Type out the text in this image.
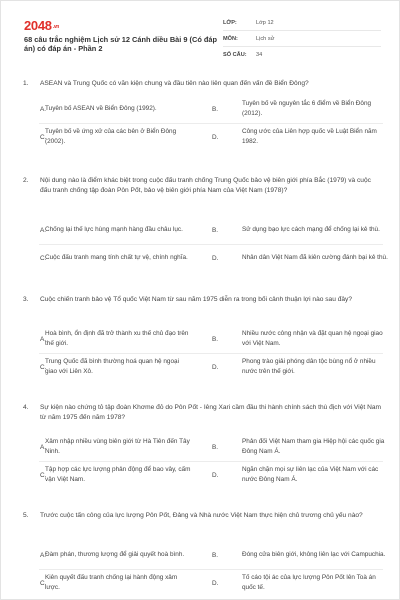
2048.vn
68 câu trắc nghiệm Lịch sử 12 Cánh diều Bài 9 (Có đáp án) có đáp án - Phần 2
LỚP:	Lớp 12
MÔN:	Lịch sử
SỐ CÂU:	34
1.	ASEAN và Trung Quốc có văn kiện chung và đầu tiên nào liên quan đến vấn đề Biển Đông?
A.
Tuyên bố ASEAN về Biển Đông (1992).	B.
Tuyên bố về nguyên tắc 6 điểm về Biển Đông (2012).
C.
Tuyên bố về ứng xử của các bên ở Biển Đông (2002).
D.
Công ước của Liên hợp quốc về Luật Biển năm 1982.
2.	Nội dung nào là điểm khác biệt trong cuộc đấu tranh chống Trung Quốc bảo vệ biên giới phía Bắc (1979) và cuộc đấu tranh chống tập đoàn Pôn Pốt, bảo vệ biên giới phía Nam của Việt Nam (1978)?
A.
Chống lại thế lực hùng mạnh hàng đầu châu lục.	B.	Sử dụng bạo lực cách mạng để chống lại kẻ thù.
C.
Cuộc đấu tranh mang tính chất tự vệ, chính nghĩa.	D.	Nhân dân Việt Nam đã kiên cường đánh bại kẻ thù.
3.	Cuộc chiến tranh bảo vệ Tổ quốc Việt Nam từ sau năm 1975 diễn ra trong bối cảnh thuận lợi nào sau đây?
A.
Hoà bình, ổn định đã trở thành xu thế chủ đạo trên thế giới.
B.
Nhiều nước công nhận và đặt quan hệ ngoại giao với Việt Nam.
C.
Trung Quốc đã bình thường hoá quan hệ ngoại giao với Liên Xô.
D.
Phong trào giải phóng dân tộc bùng nổ ở nhiều nước trên thế giới.
4.	Sự kiện nào chứng tỏ tập đoàn Khơme đỏ do Pôn Pốt - Iêng Xari cầm đầu thi hành chính sách thù địch với Việt Nam từ năm 1975 đến năm 1978?
A.
Xâm nhập nhiều vùng biên giới từ Hà Tiên đến Tây Ninh.
B.
Phản đối Việt Nam tham gia Hiệp hội các quốc gia Đông Nam Á.
C.
Tập hợp các lực lượng phản động để bao vây, cấm vận Việt Nam.
D.
Ngăn chặn mọi sự liên lạc của Việt Nam với các nước Đông Nam Á.
5.	Trước cuộc tấn công của lực lượng Pôn Pốt, Đảng và Nhà nước Việt Nam thực hiện chủ trương chủ yếu nào?
A.
Đàm phán, thương lượng để giải quyết hoà bình.	B.	Đóng cửa biên giới, không liên lạc với Campuchia.
C.
Kiên quyết đấu tranh chống lại hành động xâm lược.
D.
Tố cáo tội ác của lực lượng Pôn Pốt lên Toà án quốc tế.
